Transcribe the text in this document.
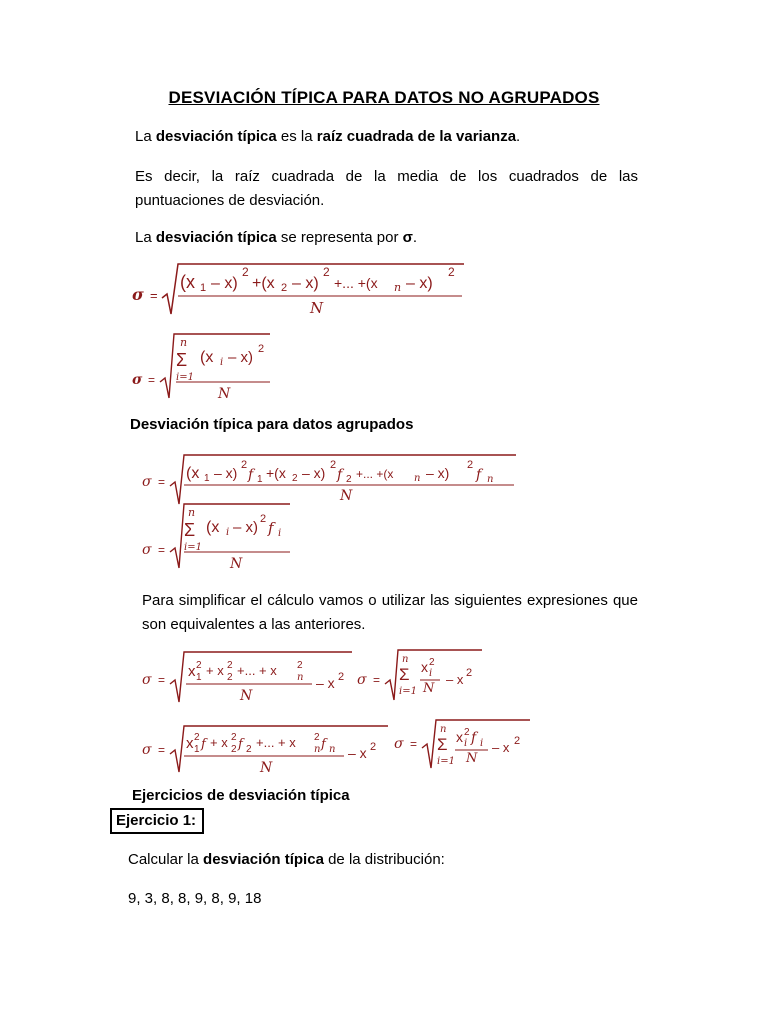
DESVIACIÓN TÍPICA PARA DATOS NO AGRUPADOS
La desviación típica es la raíz cuadrada de la varianza.
Es decir, la raíz cuadrada de la media de los cuadrados de las puntuaciones de desviación.
La desviación típica se representa por σ.
σ =
(x 1 – x)
2
+(x 2 – x)
2
+... +(x n – x)
2
N
σ =
n
Σ
i=1
(x i – x) 2
N
Desviación típica para datos agrupados
σ = (x 1 – x) 2
f 1 +(x 2 – x) 2
f 2 +... +(x n – x) 2
f n
N
σ =
n
Σ
i=1
(x i – x) 2 f i
N
Para simplificar el cálculo vamos o utilizar las siguientes expresiones que son equivalentes a las anteriores.
σ = x 2
1 + x 2
2 +... + x 2
n
N
– x 2 σ =
n
Σ
i=1
x 2
i
N
– x 2
σ = x 2
1 f + x 2
2 f 2 +... + x 2
n f n
N
– x 2 σ =
n
Σ
i=1
x 2
i f i
N
– x 2
Ejercicios de desviación típica
Ejercicio 1:
Calcular la desviación típica de la distribución:
9, 3, 8, 8, 9, 8, 9, 18
